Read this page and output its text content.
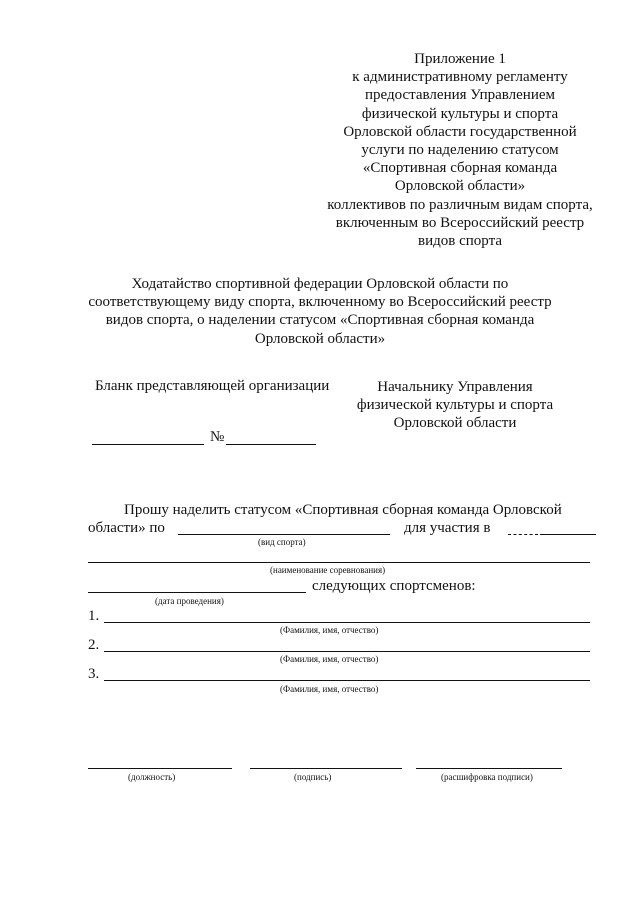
Приложение 1
к административному регламенту
предоставления Управлением
физической культуры и спорта
Орловской области государственной
услуги по наделению статусом
«Спортивная сборная команда
Орловской области»
коллективов по различным видам спорта,
включенным во Всероссийский реестр
видов спорта
Ходатайство спортивной федерации Орловской области по
соответствующему виду спорта, включенному во Всероссийский реестр
видов спорта, о наделении статусом «Спортивная сборная команда
Орловской области»
Бланк представляющей организации	Начальнику Управления
физической культуры и спорта
Орловской области
№
Прошу наделить статусом «Спортивная сборная команда Орловской
области» по
(вид спорта)
для участия в
(наименование соревнования)
следующих спортсменов:
(дата проведения)
1.
(Фамилия, имя, отчество)
2.
(Фамилия, имя, отчество)
3.
(Фамилия, имя, отчество)
(должность)	(подпись)	(расшифровка подписи)
